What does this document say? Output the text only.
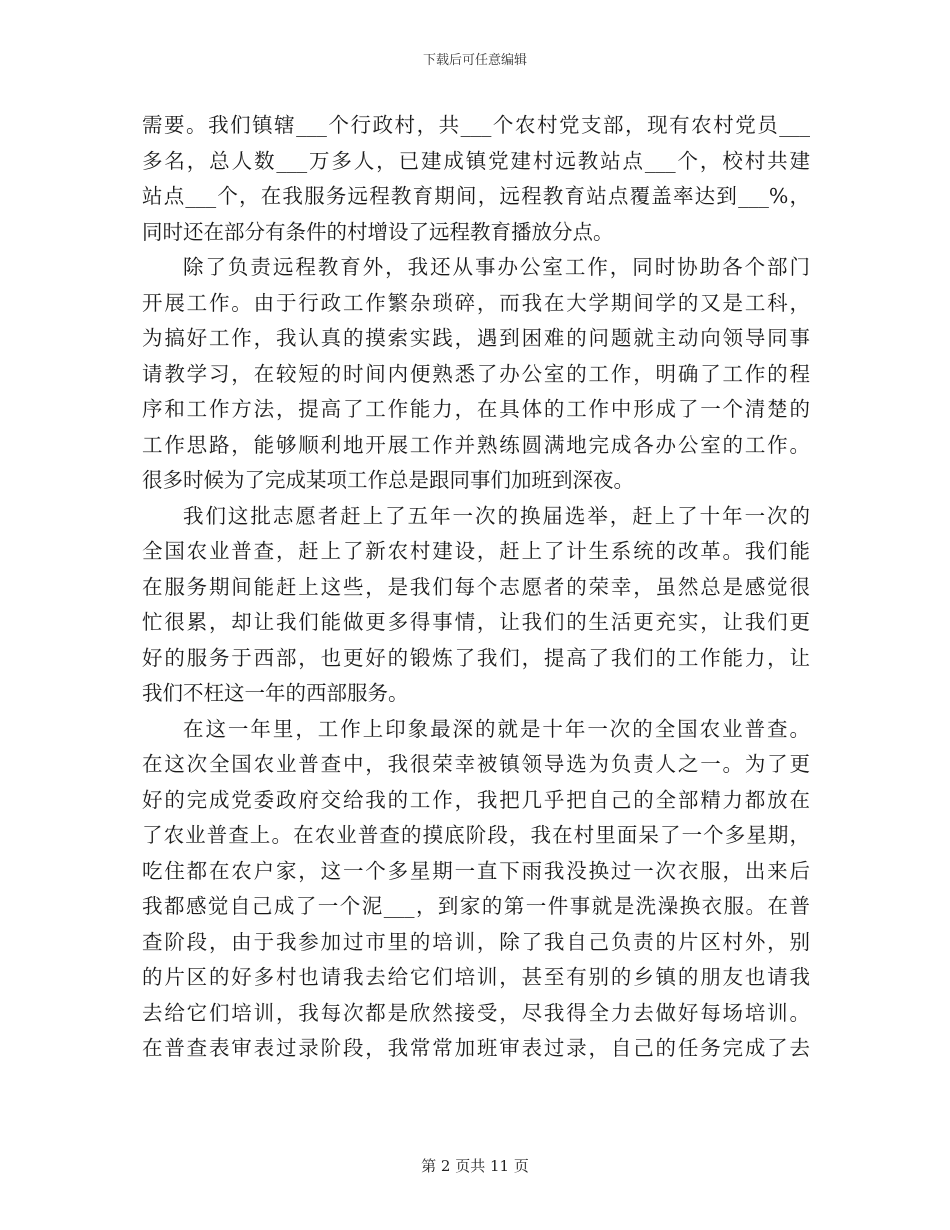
下载后可任意编辑
需要。我们镇辖___个行政村，共___个农村党支部，现有农村党员___
多名，总人数___万多人，已建成镇党建村远教站点___个，校村共建
站点___个，在我服务远程教育期间，远程教育站点覆盖率达到___%，
同时还在部分有条件的村增设了远程教育播放分点。
除了负责远程教育外，我还从事办公室工作，同时协助各个部门
开展工作。由于行政工作繁杂琐碎，而我在大学期间学的又是工科，
为搞好工作，我认真的摸索实践，遇到困难的问题就主动向领导同事
请教学习，在较短的时间内便熟悉了办公室的工作，明确了工作的程
序和工作方法，提高了工作能力，在具体的工作中形成了一个清楚的
工作思路，能够顺利地开展工作并熟练圆满地完成各办公室的工作。
很多时候为了完成某项工作总是跟同事们加班到深夜。
我们这批志愿者赶上了五年一次的换届选举，赶上了十年一次的
全国农业普查，赶上了新农村建设，赶上了计生系统的改革。我们能
在服务期间能赶上这些，是我们每个志愿者的荣幸，虽然总是感觉很
忙很累，却让我们能做更多得事情，让我们的生活更充实，让我们更
好的服务于西部，也更好的锻炼了我们，提高了我们的工作能力，让
我们不枉这一年的西部服务。
在这一年里，工作上印象最深的就是十年一次的全国农业普查。
在这次全国农业普查中，我很荣幸被镇领导选为负责人之一。为了更
好的完成党委政府交给我的工作，我把几乎把自己的全部精力都放在
了农业普查上。在农业普查的摸底阶段，我在村里面呆了一个多星期，
吃住都在农户家，这一个多星期一直下雨我没换过一次衣服，出来后
我都感觉自己成了一个泥___，到家的第一件事就是洗澡换衣服。在普
查阶段，由于我参加过市里的培训，除了我自己负责的片区村外，别
的片区的好多村也请我去给它们培训，甚至有别的乡镇的朋友也请我
去给它们培训，我每次都是欣然接受，尽我得全力去做好每场培训。
在普查表审表过录阶段，我常常加班审表过录，自己的任务完成了去
第 2 页共 11 页
